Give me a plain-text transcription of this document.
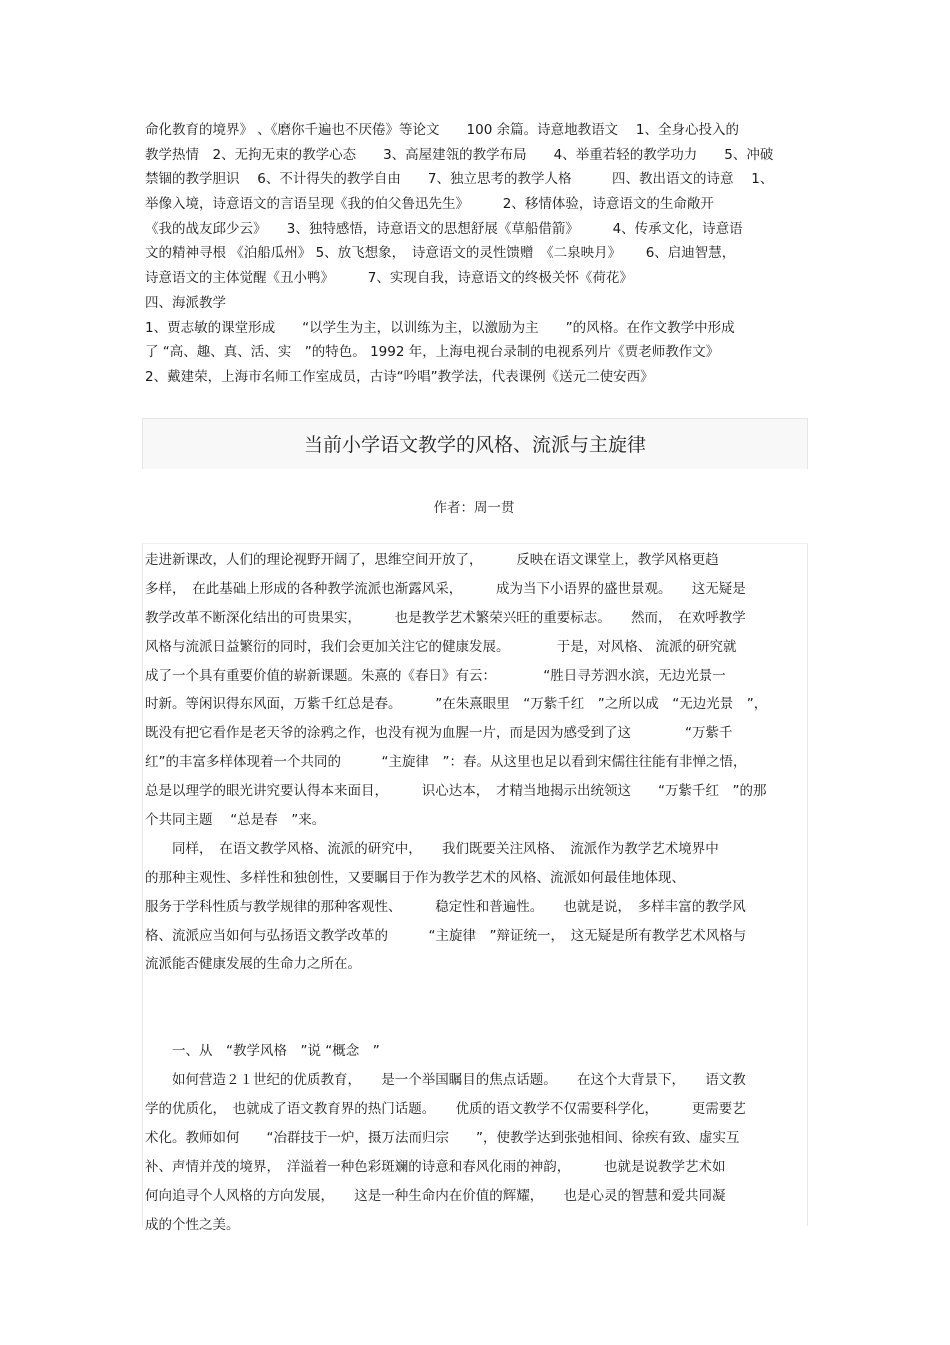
命化教育的境界》 、《磨你千遍也不厌倦》等论文　　100 余篇。诗意地教语文　 1、全身心投入的
教学热情　2、无拘无束的教学心态　　3、高屋建瓴的教学布局　　4、举重若轻的教学功力　　5、冲破
禁锢的教学胆识　 6、不计得失的教学自由　　7、独立思考的教学人格　　　四、教出语文的诗意　 1、
举像入境，诗意语文的言语呈现《我的伯父鲁迅先生》　　　2、移情体验，诗意语文的生命敞开
《我的战友邱少云》　　3、独特感悟，诗意语文的思想舒展《草船借箭》　　　4、传承文化，诗意语
文的精神寻根 《泊船瓜州》 5、放飞想象，　诗意语文的灵性馈赠　《二泉映月》　　 6、启迪智慧，
诗意语文的主体觉醒《丑小鸭》　　　7、实现自我，诗意语文的终极关怀《荷花》
四、海派教学
1、贾志敏的课堂形成　　“以学生为主，以训练为主，以激励为主　　”的风格。在作文教学中形成
了 “高、趣、真、活、实　”的特色。 1992 年，上海电视台录制的电视系列片《贾老师教作文》
2、戴建荣，上海市名师工作室成员，古诗“吟唱”教学法，代表课例《送元二使安西》
当前小学语文教学的风格、流派与主旋律
作者：周一贯
走进新课改，人们的理论视野开阔了，思维空间开放了，　　　反映在语文课堂上，教学风格更趋
多样，　在此基础上形成的各种教学流派也渐露风采，　　　成为当下小语界的盛世景观。　　这无疑是
教学改革不断深化结出的可贵果实，　　　也是教学艺术繁荣兴旺的重要标志。　　然而，　在欢呼教学
风格与流派日益繁衍的同时，我们会更加关注它的健康发展。　　　　于是，对风格、 流派的研究就
成了一个具有重要价值的崭新课题。朱熹的《春日》有云：　　　　“胜日寻芳泗水滨，无边光景一
时新。等闲识得东风面，万紫千红总是春。　　　”在朱熹眼里　“万紫千红　”之所以成　“无边光景　”，
既没有把它看作是老天爷的涂鸦之作，也没有视为血腥一片，而是因为感受到了这　　　　“万紫千
红”的丰富多样体现着一个共同的　　　“主旋律　”：春。从这里也足以看到宋儒往往能有非惮之悟，
总是以理学的眼光讲究要认得本来面目，　　　识心达本，　才精当地揭示出统领这　　“万紫千红　”的那
个共同主题　 “总是春　”来。
　　同样，　在语文教学风格、流派的研究中，　　我们既要关注风格、　流派作为教学艺术境界中
的那种主观性、多样性和独创性，又要瞩目于作为教学艺术的风格、流派如何最佳地体现、
服务于学科性质与教学规律的那种客观性、　　　稳定性和普遍性。　　也就是说，　多样丰富的教学风
格、流派应当如何与弘扬语文教学改革的　　　“主旋律　”辩证统一，　这无疑是所有教学艺术风格与
流派能否健康发展的生命力之所在。
　　一、从　“教学风格　”说 “概念　”
　　如何营造２１世纪的优质教育，　　是一个举国瞩目的焦点话题。　　在这个大背景下，　　语文教
学的优质化，　也就成了语文教育界的热门话题。　　优质的语文教学不仅需要科学化，　　　更需要艺
术化。教师如何　　“冶群技于一炉，摄万法而归宗　　”，使教学达到张弛相间、徐疾有致、虚实互
补、声情并茂的境界，　洋溢着一种色彩斑斓的诗意和春风化雨的神韵，　　　也就是说教学艺术如
何向追寻个人风格的方向发展，　　这是一种生命内在价值的辉耀，　　也是心灵的智慧和爱共同凝
成的个性之美。
